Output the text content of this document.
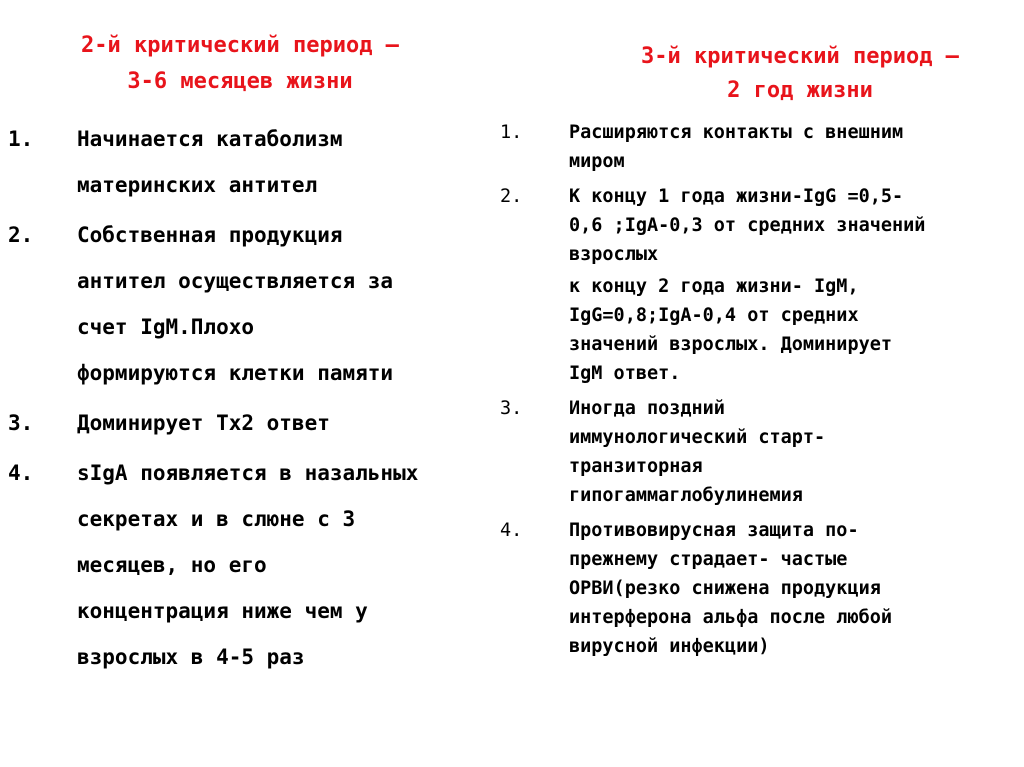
2-й критический период –
3-6 месяцев жизни
3-й критический период –
2 год жизни
1.	Начинается катаболизм
материнских антител
2.	Собственная продукция
антител осуществляется за
счет IgM.Плохо
формируются клетки памяти
3.	Доминирует Тх2 ответ
4.	sIgA появляется в назальных
секретах и в слюне с 3
месяцев, но его
концентрация ниже чем у
взрослых в 4-5 раз
1.	Расширяются контакты с внешним
миром
2.	К концу 1 года жизни-IgG =0,5-
0,6 ;IgA-0,3 от средних значений
взрослых
к концу 2 года жизни- IgM,
IgG=0,8;IgA-0,4 от средних
значений взрослых. Доминирует
IgM ответ.
3.	Иногда поздний
иммунологический старт-
транзиторная
гипогаммаглобулинемия
4.	Противовирусная защита по-
прежнему страдает- частые
ОРВИ(резко снижена продукция
интерферона альфа после любой
вирусной инфекции)
